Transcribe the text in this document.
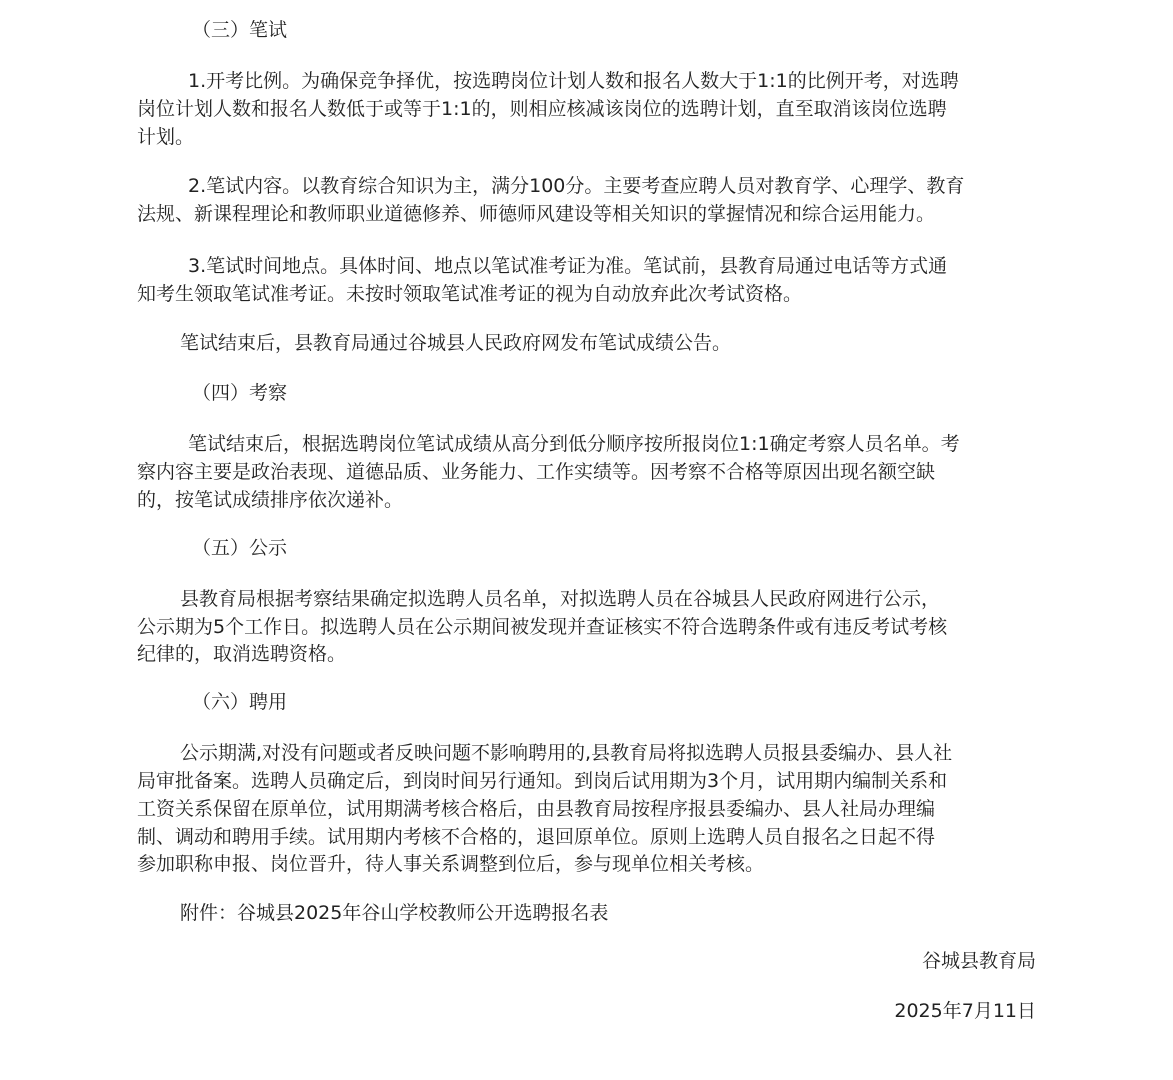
（三）笔试
1.开考比例。为确保竞争择优，按选聘岗位计划人数和报名人数大于1:1的比例开考，对选聘
岗位计划人数和报名人数低于或等于1:1的，则相应核减该岗位的选聘计划，直至取消该岗位选聘
计划。
2.笔试内容。以教育综合知识为主，满分100分。主要考查应聘人员对教育学、心理学、教育
法规、新课程理论和教师职业道德修养、师德师风建设等相关知识的掌握情况和综合运用能力。
3.笔试时间地点。具体时间、地点以笔试准考证为准。笔试前，县教育局通过电话等方式通
知考生领取笔试准考证。未按时领取笔试准考证的视为自动放弃此次考试资格。
笔试结束后，县教育局通过谷城县人民政府网发布笔试成绩公告。
（四）考察
笔试结束后，根据选聘岗位笔试成绩从高分到低分顺序按所报岗位1:1确定考察人员名单。考
察内容主要是政治表现、道德品质、业务能力、工作实绩等。因考察不合格等原因出现名额空缺
的，按笔试成绩排序依次递补。
（五）公示
县教育局根据考察结果确定拟选聘人员名单，对拟选聘人员在谷城县人民政府网进行公示，
公示期为5个工作日。拟选聘人员在公示期间被发现并查证核实不符合选聘条件或有违反考试考核
纪律的，取消选聘资格。
（六）聘用
公示期满,对没有问题或者反映问题不影响聘用的,县教育局将拟选聘人员报县委编办、县人社
局审批备案。选聘人员确定后，到岗时间另行通知。到岗后试用期为3个月，试用期内编制关系和
工资关系保留在原单位，试用期满考核合格后，由县教育局按程序报县委编办、县人社局办理编
制、调动和聘用手续。试用期内考核不合格的，退回原单位。原则上选聘人员自报名之日起不得
参加职称申报、岗位晋升，待人事关系调整到位后，参与现单位相关考核。
附件：谷城县2025年谷山学校教师公开选聘报名表
谷城县教育局
2025年7月11日
